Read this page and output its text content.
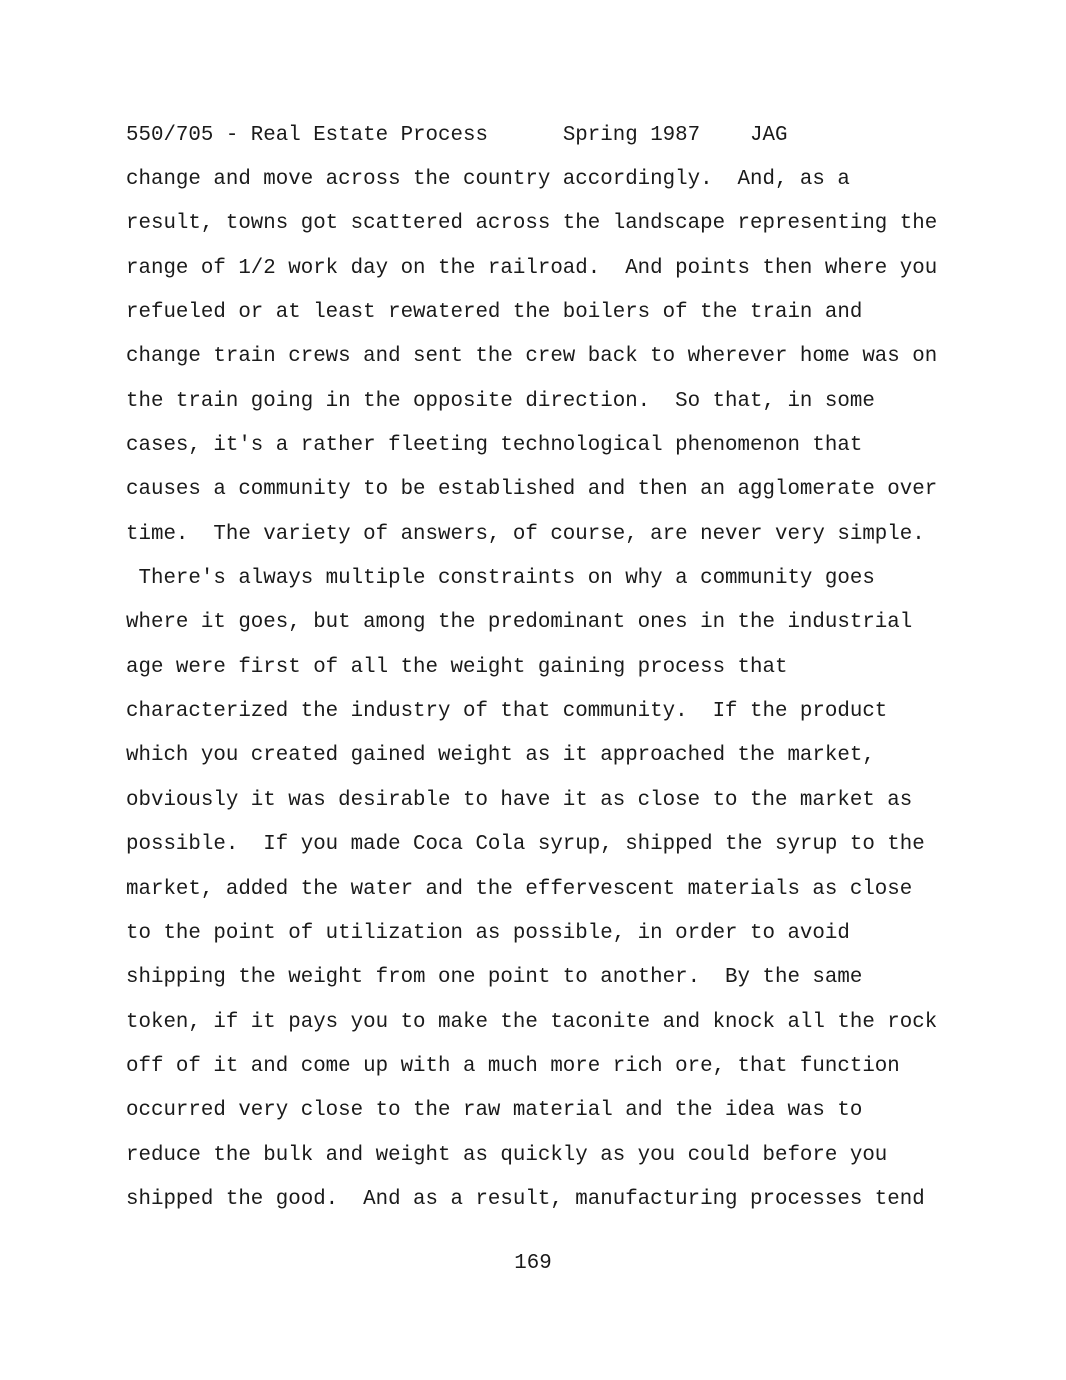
550/705 - Real Estate Process	Spring 1987 JAG
change and move across the country accordingly.  And, as a
result, towns got scattered across the landscape representing the
range of 1/2 work day on the railroad.  And points then where you
refueled or at least rewatered the boilers of the train and
change train crews and sent the crew back to wherever home was on
the train going in the opposite direction.  So that, in some
cases, it's a rather fleeting technological phenomenon that
causes a community to be established and then an agglomerate over
time.  The variety of answers, of course, are never very simple.
There's always multiple constraints on why a community goes
where it goes, but among the predominant ones in the industrial
age were first of all the weight gaining process that
characterized the industry of that community.  If the product
which you created gained weight as it approached the market,
obviously it was desirable to have it as close to the market as
possible.  If you made Coca Cola syrup, shipped the syrup to the
market, added the water and the effervescent materials as close
to the point of utilization as possible, in order to avoid
shipping the weight from one point to another.  By the same
token, if it pays you to make the taconite and knock all the rock
off of it and come up with a much more rich ore, that function
occurred very close to the raw material and the idea was to
reduce the bulk and weight as quickly as you could before you
shipped the good.  And as a result, manufacturing processes tend
169
